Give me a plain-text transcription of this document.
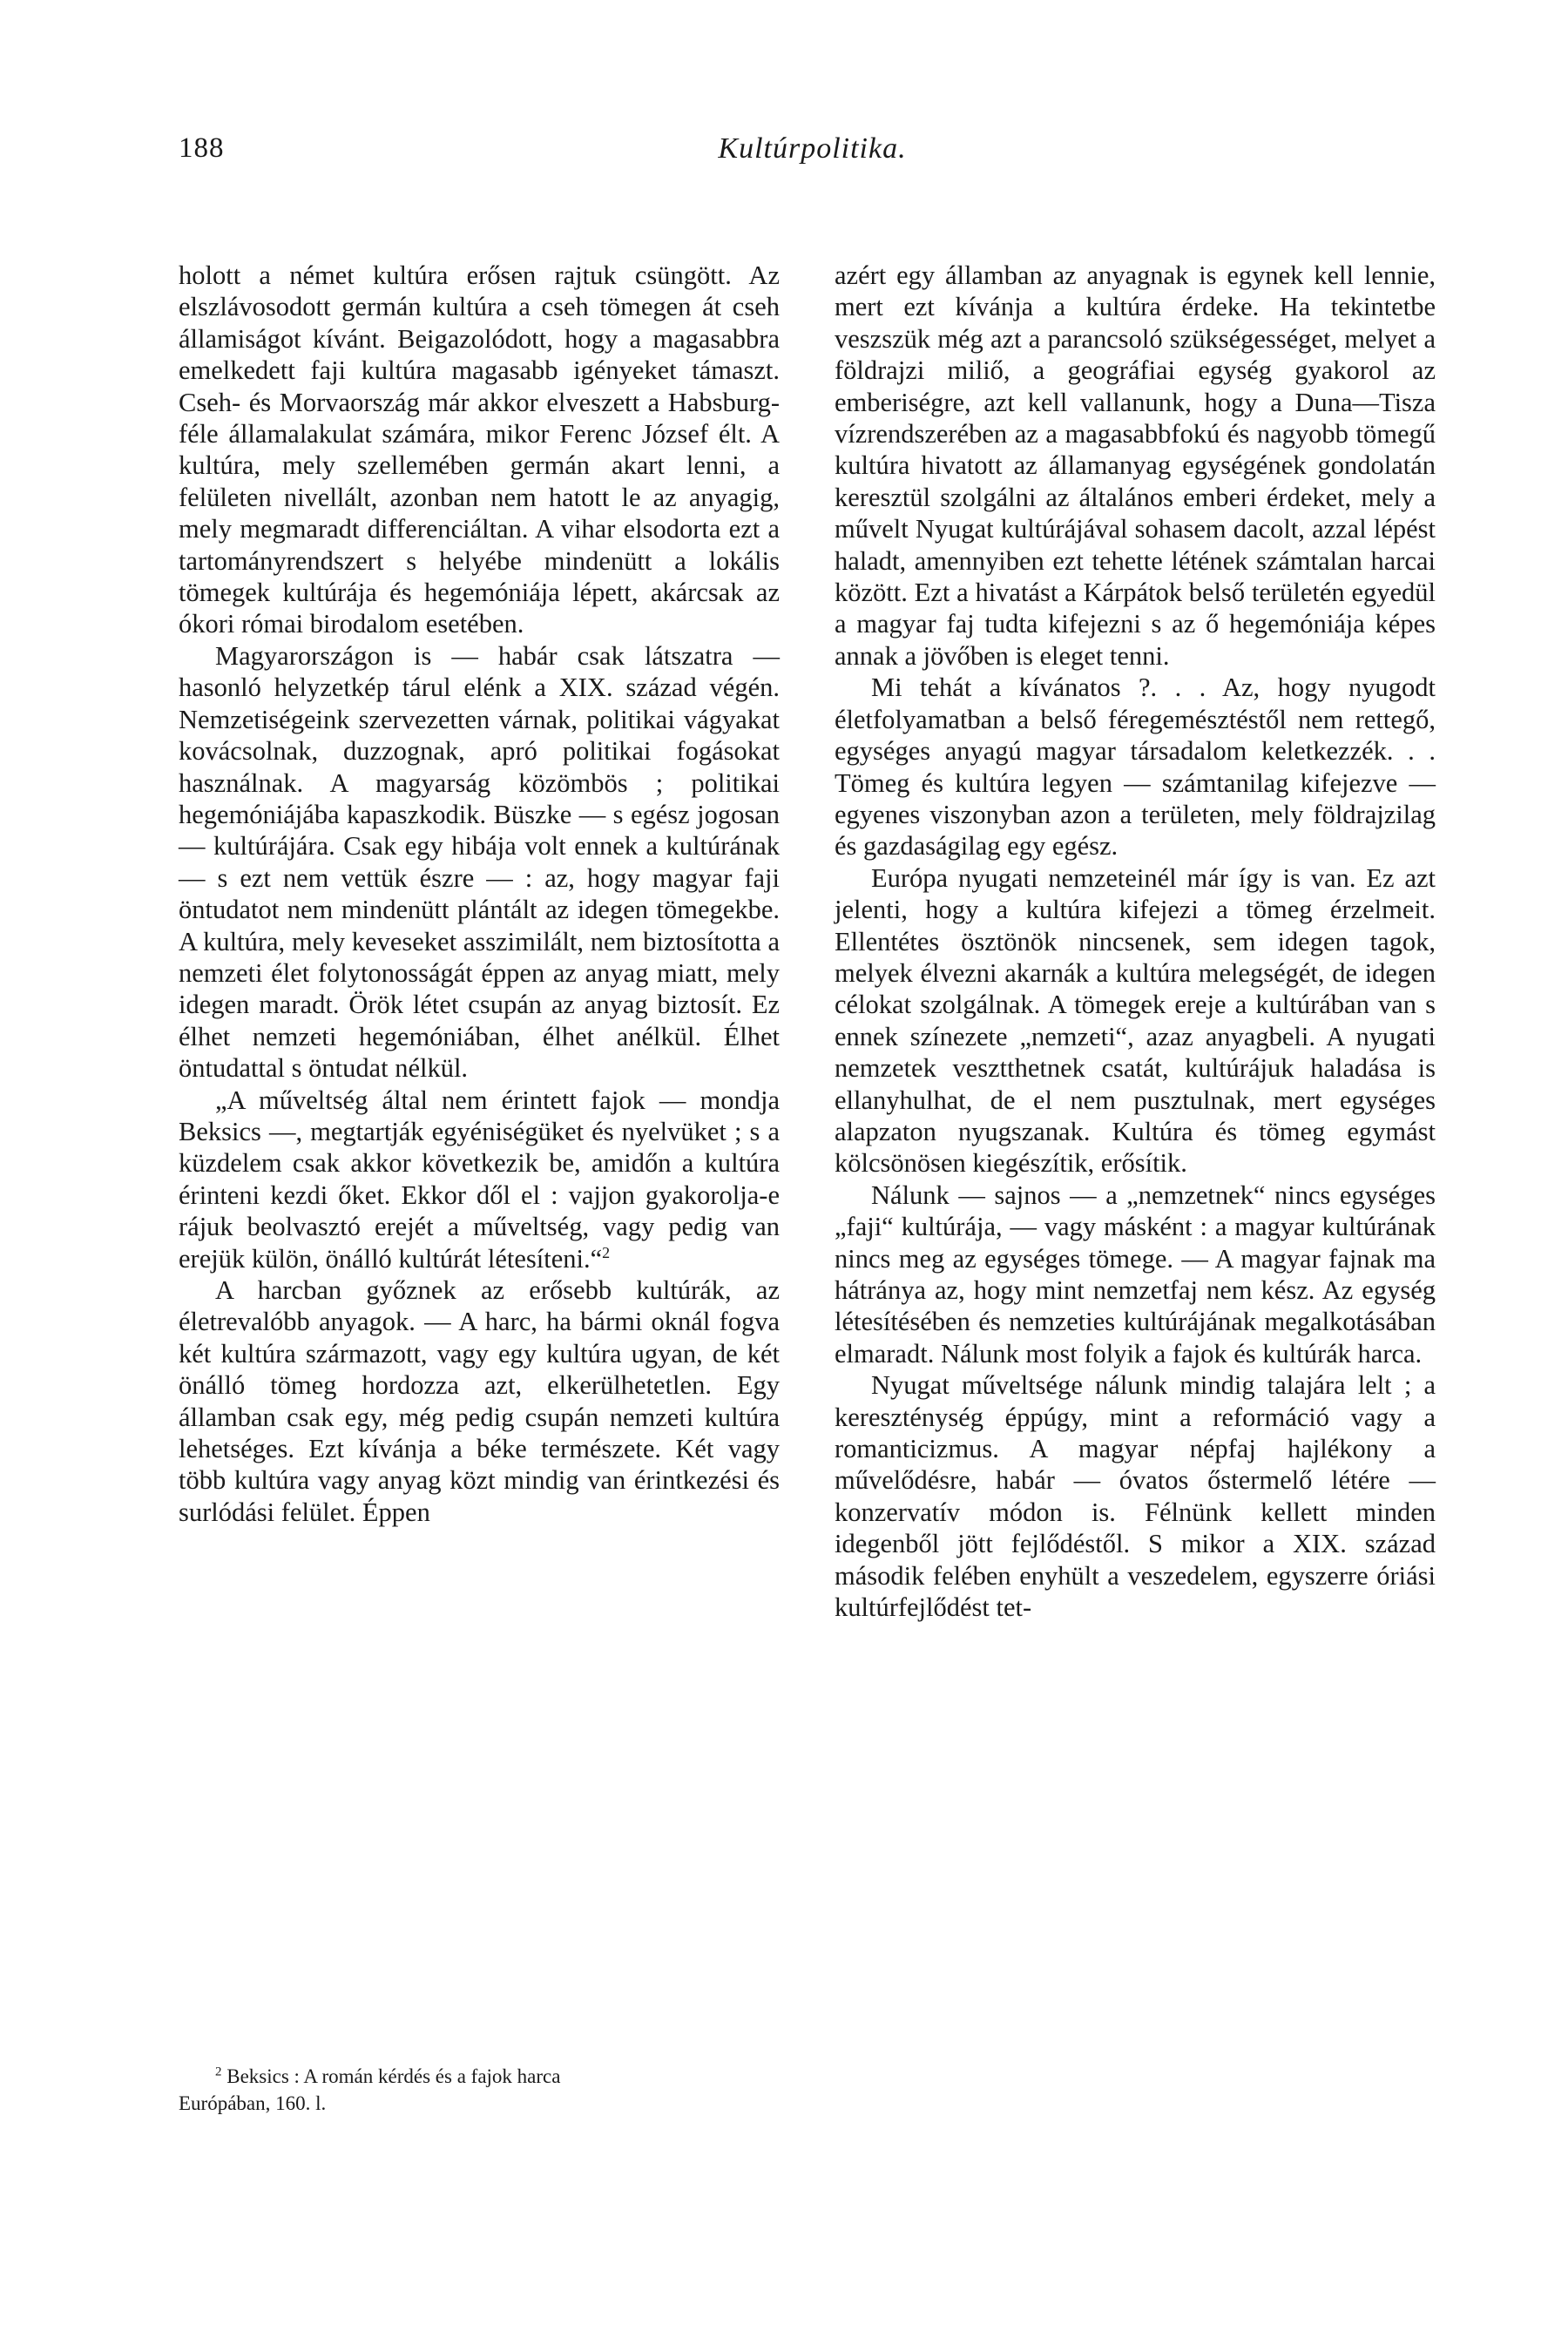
188	Kultúrpolitika.

holott a német kultúra erősen rajtuk csüngött. Az elszlávosodott germán kultúra a cseh tömegen át cseh államiságot kívánt. Beigazolódott, hogy a magasabbra emelkedett faji kultúra magasabb igényeket támaszt. Cseh- és Morvaország már akkor elveszett a Habsburg-féle államalakulat számára, mikor Ferenc József élt. A kultúra, mely szellemében germán akart lenni, a felületen nivellált, azonban nem hatott le az anyagig, mely megmaradt differenciáltan. A vihar elsodorta ezt a tartományrendszert s helyébe mindenütt a lokális tömegek kultúrája és hegemóniája lépett, akárcsak az ókori római birodalom esetében.

Magyarországon is — habár csak látszatra — hasonló helyzetkép tárul elénk a XIX. század végén. Nemzetiségeink szervezetten várnak, politikai vágyakat kovácsolnak, duzzognak, apró politikai fogásokat használnak. A magyarság közömbös ; politikai hegemóniájába kapaszkodik. Büszke — s egész jogosan — kultúrájára. Csak egy hibája volt ennek a kultúrának — s ezt nem vettük észre — : az, hogy magyar faji öntudatot nem mindenütt plántált az idegen tömegekbe. A kultúra, mely keveseket asszimilált, nem biztosította a nemzeti élet folytonosságát éppen az anyag miatt, mely idegen maradt. Örök létet csupán az anyag biztosít. Ez élhet nemzeti hegemóniában, élhet anélkül. Élhet öntudattal s öntudat nélkül.

„A műveltség által nem érintett fajok — mondja Beksics —, megtartják egyéniségüket és nyelvüket ; s a küzdelem csak akkor következik be, amidőn a kultúra érinteni kezdi őket. Ekkor dől el : vajjon gyakorolja-e rájuk beolvasztó erejét a műveltség, vagy pedig van erejük külön, önálló kultúrát létesíteni.“$^2$

A harcban győznek az erősebb kultúrák, az életrevalóbb anyagok. — A harc, ha bármi oknál fogva két kultúra származott, vagy egy kultúra ugyan, de két önálló tömeg hordozza azt, elkerülhetetlen. Egy államban csak egy, még pedig csupán nemzeti kultúra lehetséges. Ezt kívánja a béke természete. Két vagy több kultúra vagy anyag közt mindig van érintkezési és surlódási felület. Éppen

azért egy államban az anyagnak is egynek kell lennie, mert ezt kívánja a kultúra érdeke. Ha tekintetbe veszszük még azt a parancsoló szükségességet, melyet a földrajzi miliő, a geográfiai egység gyakorol az emberiségre, azt kell vallanunk, hogy a Duna—Tisza vízrendszerében az a magasabbfokú és nagyobb tömegű kultúra hivatott az államanyag egységének gondolatán keresztül szolgálni az általános emberi érdeket, mely a művelt Nyugat kultúrájával sohasem dacolt, azzal lépést haladt, amennyiben ezt tehette létének számtalan harcai között. Ezt a hivatást a Kárpátok belső területén egyedül a magyar faj tudta kifejezni s az ő hegemóniája képes annak a jövőben is eleget tenni.

Mi tehát a kívánatos ?. . . Az, hogy nyugodt életfolyamatban a belső féregemésztéstől nem rettegő, egységes anyagú magyar társadalom keletkezzék. . . Tömeg és kultúra legyen — számtanilag kifejezve — egyenes viszonyban azon a területen, mely földrajzilag és gazdaságilag egy egész.

Európa nyugati nemzeteinél már így is van. Ez azt jelenti, hogy a kultúra kifejezi a tömeg érzelmeit. Ellentétes ösztönök nincsenek, sem idegen tagok, melyek élvezni akarnák a kultúra melegségét, de idegen célokat szolgálnak. A tömegek ereje a kultúrában van s ennek színezete „nemzeti“, azaz anyagbeli. A nyugati nemzetek vesztthetnek csatát, kultúrájuk haladása is ellanyhulhat, de el nem pusztulnak, mert egységes alapzaton nyugszanak. Kultúra és tömeg egymást kölcsönösen kiegészítik, erősítik.

Nálunk — sajnos — a „nemzetnek“ nincs egységes „faji“ kultúrája, — vagy másként : a magyar kultúrának nincs meg az egységes tömege. — A magyar fajnak ma hátránya az, hogy mint nemzetfaj nem kész. Az egység létesítésében és nemzeties kultúrájának megalkotásában elmaradt. Nálunk most folyik a fajok és kultúrák harca.

Nyugat műveltsége nálunk mindig talajára lelt ; a kereszténység éppúgy, mint a reformáció vagy a romanticizmus. A magyar népfaj hajlékony a művelődésre, habár — óvatos őstermelő létére — konzervatív módon is. Félnünk kellett minden idegenből jött fejlődéstől. S mikor a XIX. század második felében enyhült a veszedelem, egyszerre óriási kultúrfejlődést tet-

$^2$ Beksics : A román kérdés és a fajok harca
Európában, 160. l.
